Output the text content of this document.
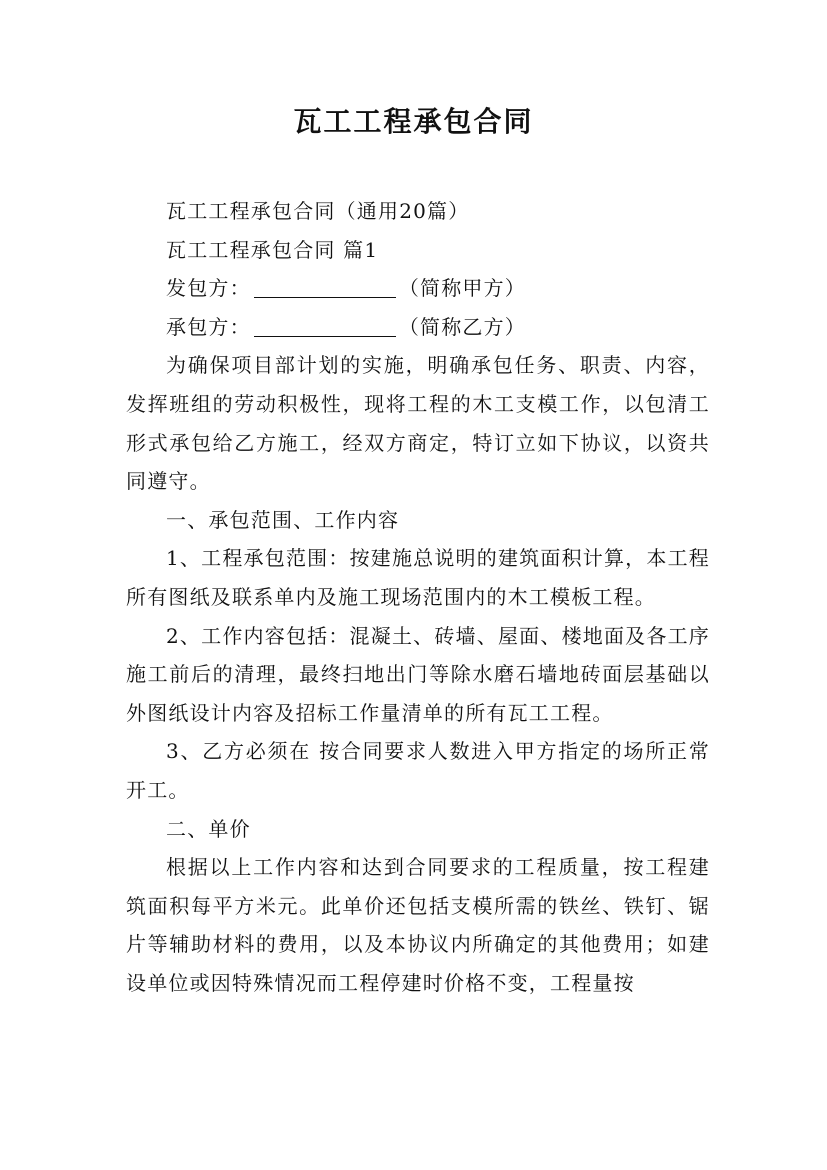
瓦工工程承包合同

瓦工工程承包合同（通用20篇）

瓦工工程承包合同 篇1

发包方：	（简称甲方）

承包方：	（简称乙方）

为确保项目部计划的实施，明确承包任务、职责、内容，发挥班组的劳动积极性，现将工程的木工支模工作，以包清工形式承包给乙方施工，经双方商定，特订立如下协议，以资共同遵守。

一、承包范围、工作内容

1、工程承包范围：按建施总说明的建筑面积计算，本工程所有图纸及联系单内及施工现场范围内的木工模板工程。

2、工作内容包括：混凝土、砖墙、屋面、楼地面及各工序施工前后的清理，最终扫地出门等除水磨石墙地砖面层基础以外图纸设计内容及招标工作量清单的所有瓦工工程。

3、乙方必须在 按合同要求人数进入甲方指定的场所正常开工。

二、单价

根据以上工作内容和达到合同要求的工程质量，按工程建筑面积每平方米元。此单价还包括支模所需的铁丝、铁钉、锯片等辅助材料的费用，以及本协议内所确定的其他费用；如建设单位或因特殊情况而工程停建时价格不变，工程量按
